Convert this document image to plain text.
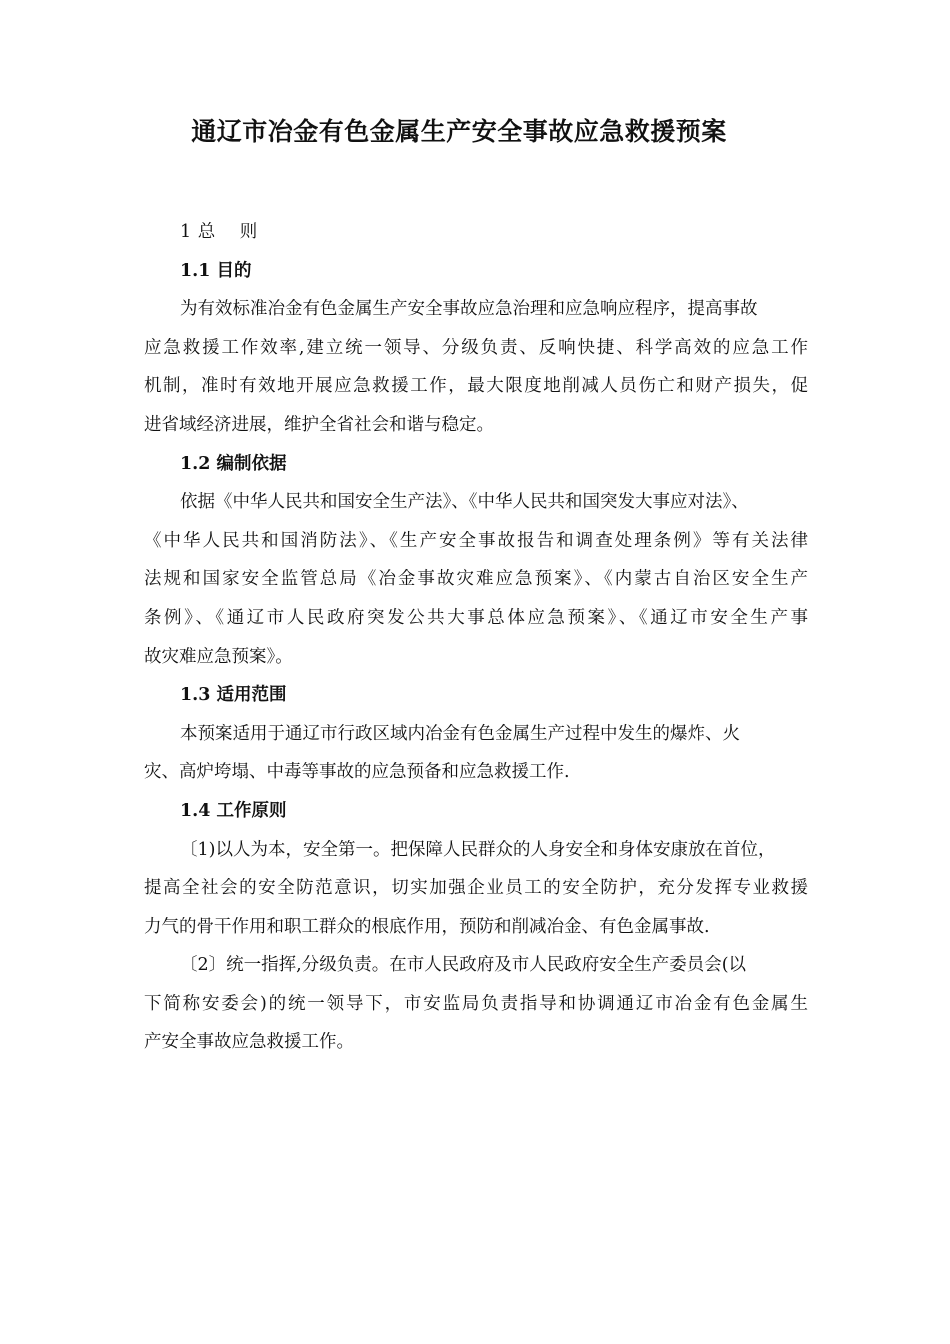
通辽市冶金有色金属生产安全事故应急救援预案
1 总　 则
1.1 目的
为有效标准冶金有色金属生产安全事故应急治理和应急响应程序，提高事故
应急救援工作效率,建立统一领导、分级负责、反响快捷、科学高效的应急工作
机制，准时有效地开展应急救援工作，最大限度地削减人员伤亡和财产损失，促
进省域经济进展，维护全省社会和谐与稳定。
1.2 编制依据
依据《中华人民共和国安全生产法》、《中华人民共和国突发大事应对法》、
《中华人民共和国消防法》、《生产安全事故报告和调查处理条例》等有关法律
法规和国家安全监管总局《冶金事故灾难应急预案》、《内蒙古自治区安全生产
条例》、《通辽市人民政府突发公共大事总体应急预案》、《通辽市安全生产事
故灾难应急预案》。
1.3 适用范围
本预案适用于通辽市行政区域内冶金有色金属生产过程中发生的爆炸、火
灾、高炉垮塌、中毒等事故的应急预备和应急救援工作.
1.4 工作原则
〔1)以人为本，安全第一。把保障人民群众的人身安全和身体安康放在首位，
提高全社会的安全防范意识，切实加强企业员工的安全防护，充分发挥专业救援
力气的骨干作用和职工群众的根底作用，预防和削减冶金、有色金属事故.
〔2〕统一指挥,分级负责。在市人民政府及市人民政府安全生产委员会(以
下简称安委会)的统一领导下，市安监局负责指导和协调通辽市冶金有色金属生
产安全事故应急救援工作。
